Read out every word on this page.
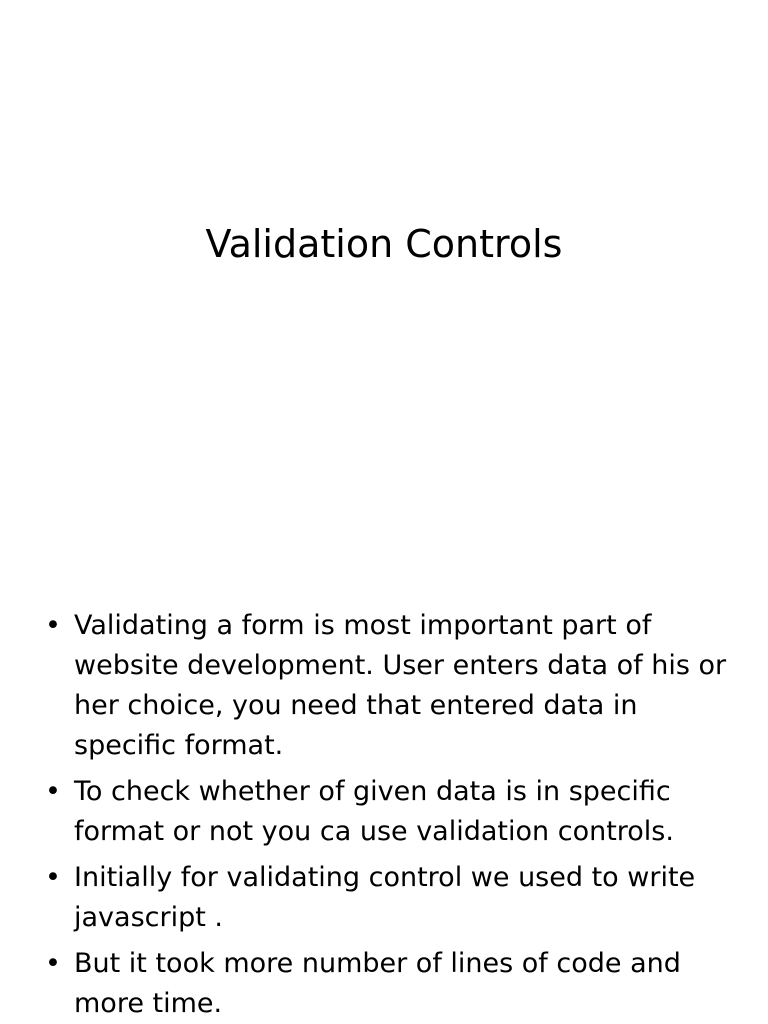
Validation Controls
• Validating a form is most important part of website development. User enters data of his or her choice, you need that entered data in specific format.
• To check whether of given data is in specific format or not you ca use validation controls.
• Initially for validating control we used to write javascript .
• But it took more number of lines of code and more time.
